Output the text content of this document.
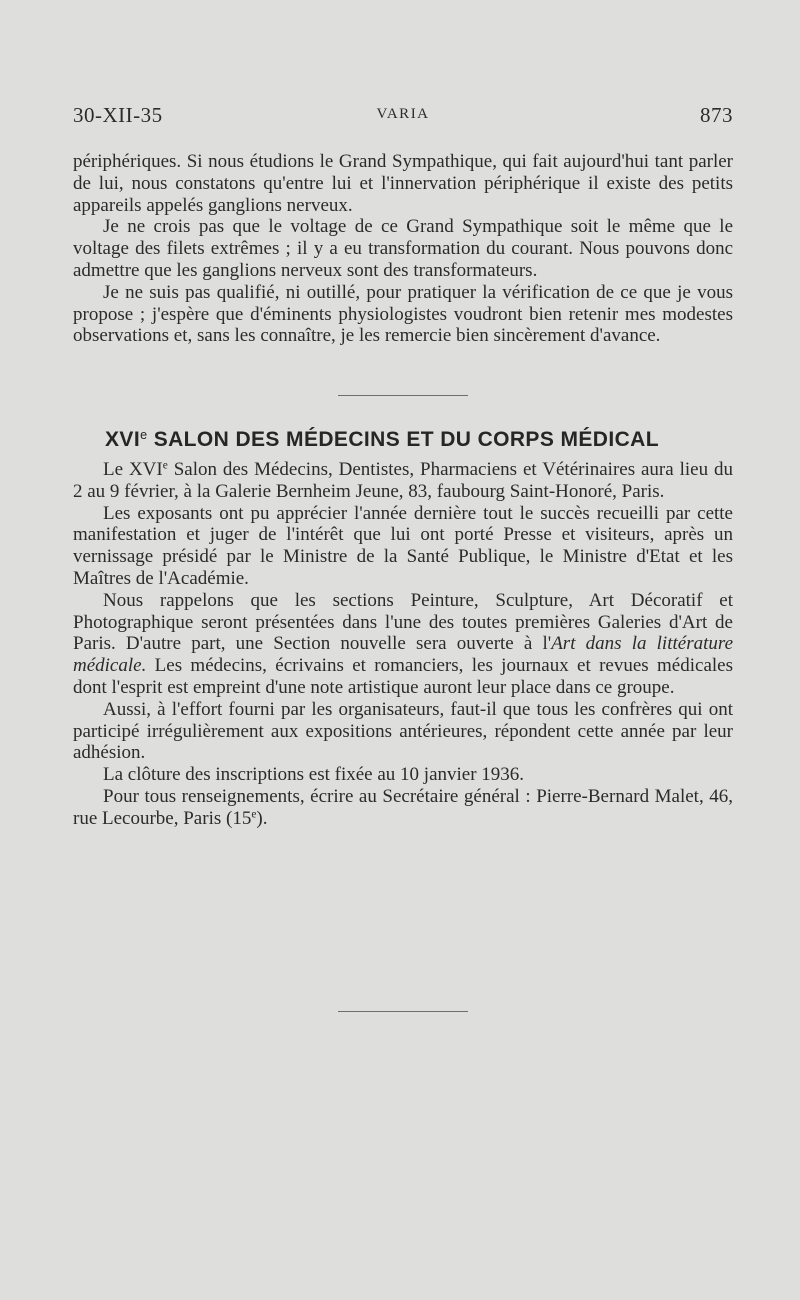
30-XII-35	VARIA	873

périphériques. Si nous étudions le Grand Sympathique, qui fait aujourd'hui tant parler de lui, nous constatons qu'entre lui et l'innervation périphérique il existe des petits appareils appelés ganglions nerveux.

Je ne crois pas que le voltage de ce Grand Sympathique soit le même que le voltage des filets extrêmes ; il y a eu transformation du courant. Nous pouvons donc admettre que les ganglions nerveux sont des transformateurs.

Je ne suis pas qualifié, ni outillé, pour pratiquer la vérification de ce que je vous propose ; j'espère que d'éminents physiologistes voudront bien retenir mes modestes observations et, sans les connaître, je les remercie bien sincèrement d'avance.

XVIe SALON DES MÉDECINS ET DU CORPS MÉDICAL

Le XVIe Salon des Médecins, Dentistes, Pharmaciens et Vétérinaires aura lieu du 2 au 9 février, à la Galerie Bernheim Jeune, 83, faubourg Saint-Honoré, Paris.

Les exposants ont pu apprécier l'année dernière tout le succès recueilli par cette manifestation et juger de l'intérêt que lui ont porté Presse et visiteurs, après un vernissage présidé par le Ministre de la Santé Publique, le Ministre d'Etat et les Maîtres de l'Académie.

Nous rappelons que les sections Peinture, Sculpture, Art Décoratif et Photographique seront présentées dans l'une des toutes premières Galeries d'Art de Paris. D'autre part, une Section nouvelle sera ouverte à l'Art dans la littérature médicale. Les médecins, écrivains et romanciers, les journaux et revues médicales dont l'esprit est empreint d'une note artistique auront leur place dans ce groupe.

Aussi, à l'effort fourni par les organisateurs, faut-il que tous les confrères qui ont participé irrégulièrement aux expositions antérieures, répondent cette année par leur adhésion.

La clôture des inscriptions est fixée au 10 janvier 1936.

Pour tous renseignements, écrire au Secrétaire général : Pierre-Bernard Malet, 46, rue Lecourbe, Paris (15e).
